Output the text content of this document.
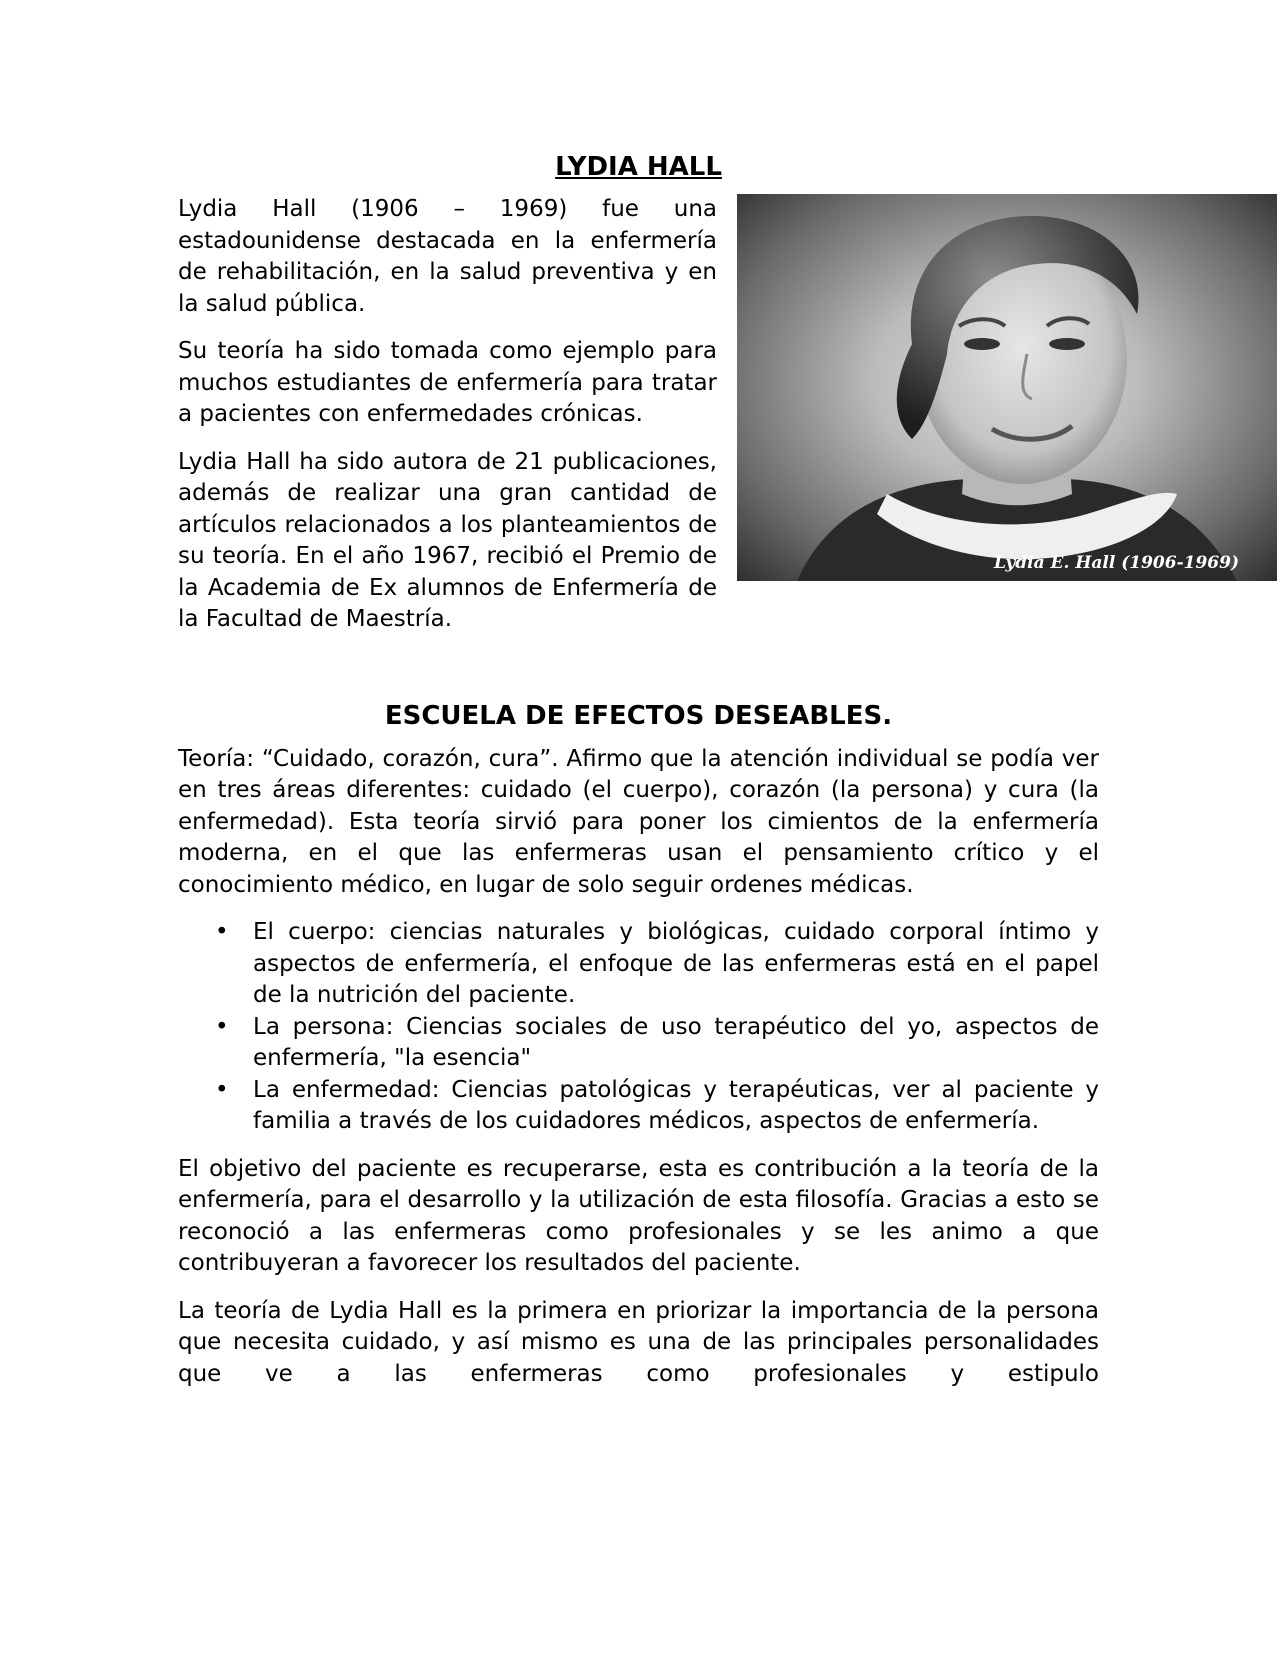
LYDIA HALL
Lydia E. Hall (1906-1969)

Lydia Hall (1906 – 1969) fue una estadounidense destacada en la enfermería de rehabilitación, en la salud preventiva y en la salud pública.

Su teoría ha sido tomada como ejemplo para muchos estudiantes de enfermería para tratar a pacientes con enfermedades crónicas.

Lydia Hall ha sido autora de 21 publicaciones, además de realizar una gran cantidad de artículos relacionados a los planteamientos de su teoría. En el año 1967, recibió el Premio de la Academia de Ex alumnos de Enfermería de la Facultad de Maestría.

ESCUELA DE EFECTOS DESEABLES.

Teoría: “Cuidado, corazón, cura”. Afirmo que la atención individual se podía ver en tres áreas diferentes: cuidado (el cuerpo), corazón (la persona) y cura (la enfermedad). Esta teoría sirvió para poner los cimientos de la enfermería moderna, en el que las enfermeras usan el pensamiento crítico y el conocimiento médico, en lugar de solo seguir ordenes médicas.

• El cuerpo: ciencias naturales y biológicas, cuidado corporal íntimo y aspectos de enfermería, el enfoque de las enfermeras está en el papel de la nutrición del paciente.
• La persona: Ciencias sociales de uso terapéutico del yo, aspectos de enfermería, "la esencia"
• La enfermedad: Ciencias patológicas y terapéuticas, ver al paciente y familia a través de los cuidadores médicos, aspectos de enfermería.

El objetivo del paciente es recuperarse, esta es contribución a la teoría de la enfermería, para el desarrollo y la utilización de esta filosofía. Gracias a esto se reconoció a las enfermeras como profesionales y se les animo a que contribuyeran a favorecer los resultados del paciente.

La teoría de Lydia Hall es la primera en priorizar la importancia de la persona que necesita cuidado, y así mismo es una de las principales personalidades que ve a las enfermeras como profesionales y estipulo
